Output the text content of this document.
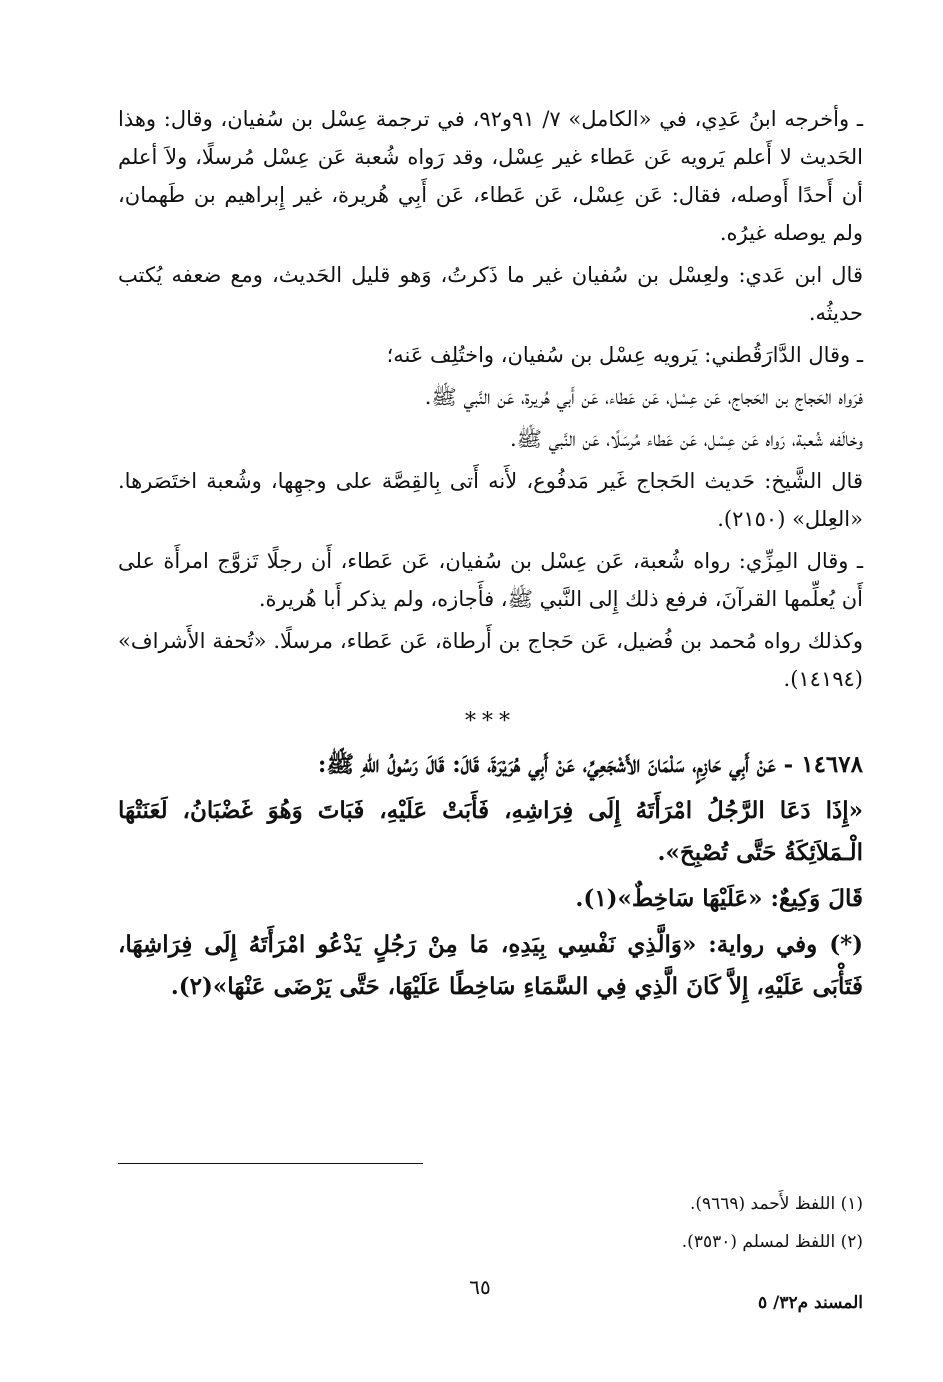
ـ وأخرجه ابنُ عَدِي، في «الكامل» ٧/ ٩١و٩٢، في ترجمة عِسْل بن سُفيان، وقال: وهذا الحَديث لا أَعلم يَرويه عَن عَطاء غير عِسْل، وقد رَواه شُعبة عَن عِسْل مُرسلًا، ولاَ أعلم أن أَحدًا أَوصله، فقال: عَن عِسْل، عَن عَطاء، عَن أَبِي هُريرة، غير إِبراهيم بن طَهمان، ولم يوصله غيرُه.

قال ابن عَدي: ولعِسْل بن سُفيان غير ما ذَكرتُ، وَهو قليل الحَديث، ومع ضعفه يُكتب حديثُه.

ـ وقال الدَّارَقُطني: يَرويه عِسْل بن سُفيان، واختُلِف عَنه؛

فرَواه الحَجاج بن الحَجاج، عَن عِسْل، عَن عَطاء، عَن أَبي هُريرة، عَن النَّبي ﷺ.

وخالَفه شُعبة، رَواه عَن عِسْل، عَن عَطاء مُرسَلًا، عَن النَّبي ﷺ.

قال الشَّيخ: حَديث الحَجاج غَير مَدفُوع، لأَنه أَتى بِالقِصَّة على وجهِها، وشُعبة اختَصَرها. «العِلل» (٢١٥٠).

ـ وقال المِزِّي: رواه شُعبة، عَن عِسْل بن سُفيان، عَن عَطاء، أَن رجلًا تَزوَّج امرأَة على أَن يُعلِّمها القرآنَ، فرفع ذلك إِلى النَّبي ﷺ، فأَجازه، ولم يذكر أَبا هُريرة.

وكذلك رواه مُحمد بن فُضيل، عَن حَجاج بن أَرطاة، عَن عَطاء، مرسلًا. «تُحفة الأَشراف» (١٤١٩٤).

***

١٤٦٧٨ - عَنْ أَبِي حَازِمٍ، سَلْمَانَ الأَشْجَعِيِّ، عَنْ أَبِي هُرَيْرَةَ، قَالَ: قَالَ رَسُولُ اللهِ ﷺ:

«إِذَا دَعَا الرَّجُلُ امْرَأَتَهُ إِلَى فِرَاشِهِ، فَأَبَتْ عَلَيْهِ، فَبَاتَ وَهُوَ غَضْبَانُ، لَعَنَتْهَا الْـمَلاَئِكَةُ حَتَّى تُصْبِحَ».

قَالَ وَكِيعٌ: «عَلَيْهَا سَاخِطٌ»(١).

(*) وفي رواية: «وَالَّذِي نَفْسِي بِيَدِهِ، مَا مِنْ رَجُلٍ يَدْعُو امْرَأَتَهُ إِلَى فِرَاشِهَا، فَتَأْبَى عَلَيْهِ، إِلاَّ كَانَ الَّذِي فِي السَّمَاءِ سَاخِطًا عَلَيْهَا، حَتَّى يَرْضَى عَنْهَا»(٢).

(١) اللفظ لأَحمد (٩٦٦٩).
(٢) اللفظ لمسلم (٣٥٣٠).
٦٥
المسند م٣٢/ ٥
